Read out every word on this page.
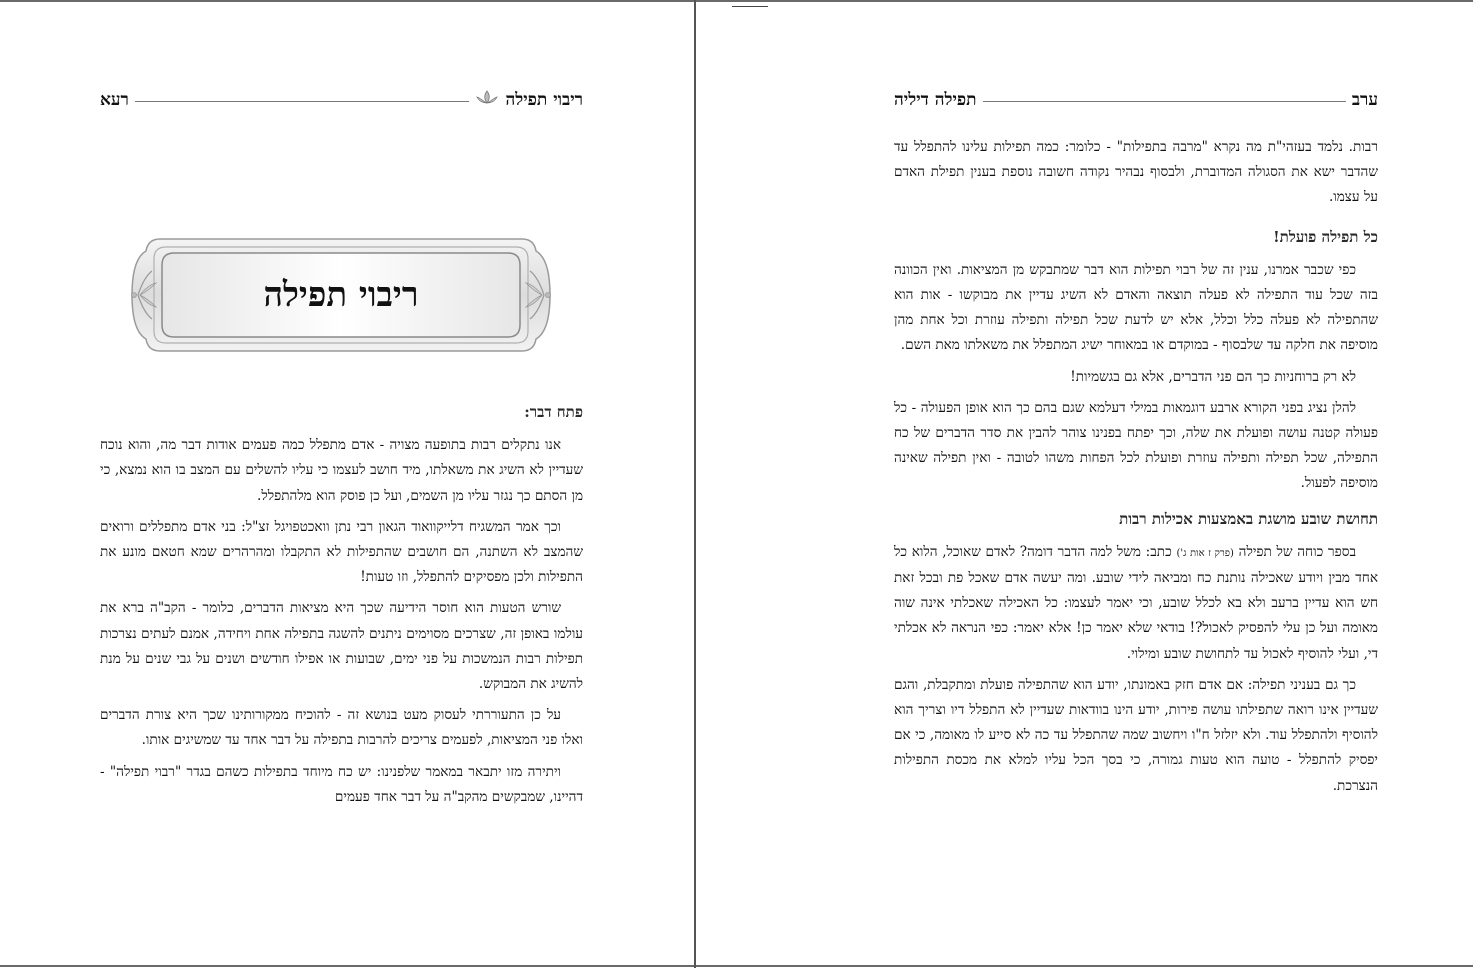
ריבוי תפילה
רעא
ריבוי תפילה
פתח דבר:

אנו נתקלים רבות בתופעה מצויה - אדם מתפלל כמה פעמים אודות דבר מה, והוא נוכח שעדיין לא השיג את משאלתו, מיד חושב לעצמו כי עליו להשלים עם המצב בו הוא נמצא, כי מן הסתם כך נגזר עליו מן השמים, ועל כן פוסק הוא מלהתפלל.

וכך אמר המשגיח דלייקוואוד הגאון רבי נתן וואכטפויגל זצ"ל: בני אדם מתפללים ורואים שהמצב לא השתנה, הם חושבים שהתפילות לא התקבלו ומהרהרים שמא חטאם מונע את התפילות ולכן מפסיקים להתפלל, וזו טעות!

שורש הטעות הוא חוסר הידיעה שכך היא מציאות הדברים, כלומר - הקב"ה ברא את עולמו באופן זה, שצרכים מסוימים ניתנים להשגה בתפילה אחת ויחידה, אמנם לעתים נצרכות תפילות רבות הנמשכות על פני ימים, שבועות או אפילו חודשים ושנים על גבי שנים על מנת להשיג את המבוקש.

על כן התעוררתי לעסוק מעט בנושא זה - להוכיח ממקורותינו שכך היא צורת הדברים ואלו פני המציאות, לפעמים צריכים להרבות בתפילה על דבר אחד עד שמשיגים אותו.

ויתירה מזו יתבאר במאמר שלפנינו: יש כח מיוחד בתפילות כשהם בגדר "רבוי תפילה" - דהיינו, שמבקשים מהקב"ה על דבר אחד פעמים

ערב
תפילה דיליה

רבות. נלמד בעזהי"ת מה נקרא "מרבה בתפילות" - כלומר: כמה תפילות עלינו להתפלל עד שהדבר ישא את הסגולה המדוברת, ולבסוף נבהיר נקודה חשובה נוספת בענין תפילת האדם על עצמו.

כל תפילה פועלת!

כפי שכבר אמרנו, ענין זה של רבוי תפילות הוא דבר שמתבקש מן המציאות. ואין הכוונה בזה שכל עוד התפילה לא פעלה תוצאה והאדם לא השיג עדיין את מבוקשו - אות הוא שהתפילה לא פעלה כלל וכלל, אלא יש לדעת שכל תפילה ותפילה עוזרת וכל אחת מהן מוסיפה את חלקה עד שלבסוף - במוקדם או במאוחר ישיג המתפלל את משאלתו מאת השם.

לא רק ברוחניות כך הם פני הדברים, אלא גם בגשמיות!

להלן נציג בפני הקורא ארבע דוגמאות במילי דעלמא שגם בהם כך הוא אופן הפעולה - כל פעולה קטנה עושה ופועלת את שלה, וכך יפתח בפנינו צוהר להבין את סדר הדברים של כח התפילה, שכל תפילה ותפילה עוזרת ופועלת לכל הפחות משהו לטובה - ואין תפילה שאינה מוסיפה לפעול.

תחושת שובע מושגת באמצעות אכילות רבות

בספר כוחה של תפילה (פרק ז אות ג') כתב: משל למה הדבר דומה? לאדם שאוכל, הלוא כל אחד מבין ויודע שאכילה נותנת כח ומביאה לידי שובע. ומה יעשה אדם שאכל פת ובכל זאת חש הוא עדיין ברעב ולא בא לכלל שובע, וכי יאמר לעצמו: כל האכילה שאכלתי אינה שוה מאומה ועל כן עלי להפסיק לאכול?! בודאי שלא יאמר כן! אלא יאמר: כפי הנראה לא אכלתי די, ועלי להוסיף לאכול עד לתחושת שובע ומילוי.

כך גם בעניני תפילה: אם אדם חזק באמונתו, יודע הוא שהתפילה פועלת ומתקבלת, והגם שעדיין אינו רואה שתפילתו עושה פירות, יודע הינו בוודאות שעדיין לא התפלל דיו וצריך הוא להוסיף ולהתפלל עוד. ולא יזלזל ח"ו ויחשוב שמה שהתפלל עד כה לא סייע לו מאומה, כי אם יפסיק להתפלל - טועה הוא טעות גמורה, כי בסך הכל עליו למלא את מכסת התפילות הנצרכת.
